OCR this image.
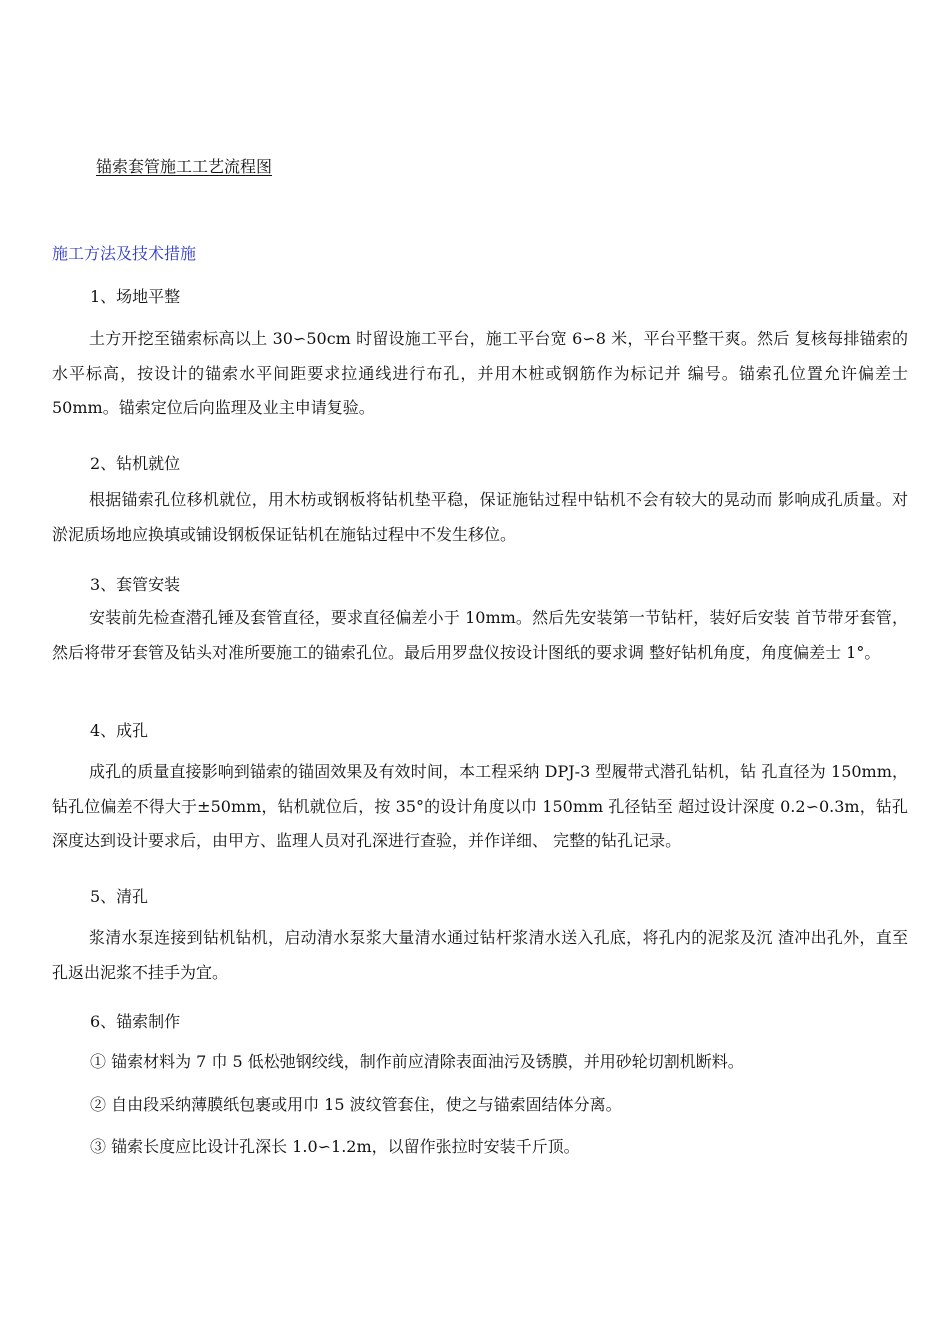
锚索套管施工工艺流程图
施工方法及技术措施
1、场地平整
土方开挖至锚索标高以上 30∽50cm 时留设施工平台，施工平台宽 6∽8 米，平台平整干爽。然后 复核每排锚索的水平标高，按设计的锚索水平间距要求拉通线进行布孔，并用木桩或钢筋作为标记并 编号。锚索孔位置允许偏差士 50mm。锚索定位后向监理及业主申请复验。
2、钻机就位
根据锚索孔位移机就位，用木枋或钢板将钻机垫平稳，保证施钻过程中钻机不会有较大的晃动而 影响成孔质量。对淤泥质场地应换填或铺设钢板保证钻机在施钻过程中不发生移位。
3、套管安装
安装前先检查潜孔锤及套管直径，要求直径偏差小于 10mm。然后先安装第一节钻杆，装好后安装 首节带牙套管，然后将带牙套管及钻头对准所要施工的锚索孔位。最后用罗盘仪按设计图纸的要求调 整好钻机角度，角度偏差士 1°。
4、成孔
成孔的质量直接影响到锚索的锚固效果及有效时间，本工程采纳 DPJ-3 型履带式潜孔钻机，钻 孔直径为 150mm，钻孔位偏差不得大于±50mm，钻机就位后，按 35°的设计角度以巾 150mm 孔径钻至 超过设计深度 0.2∽0.3m，钻孔深度达到设计要求后，由甲方、监理人员对孔深进行查验，并作详细、 完整的钻孔记录。
5、清孔
浆清水泵连接到钻机钻机，启动清水泵浆大量清水通过钻杆浆清水送入孔底，将孔内的泥浆及沉 渣冲出孔外，直至孔返出泥浆不挂手为宜。
6、锚索制作
① 锚索材料为 7 巾 5 低松弛钢绞线，制作前应清除表面油污及锈膜，并用砂轮切割机断料。
② 自由段采纳薄膜纸包裹或用巾 15 波纹管套住，使之与锚索固结体分离。
③ 锚索长度应比设计孔深长 1.0∽1.2m，以留作张拉时安装千斤顶。
